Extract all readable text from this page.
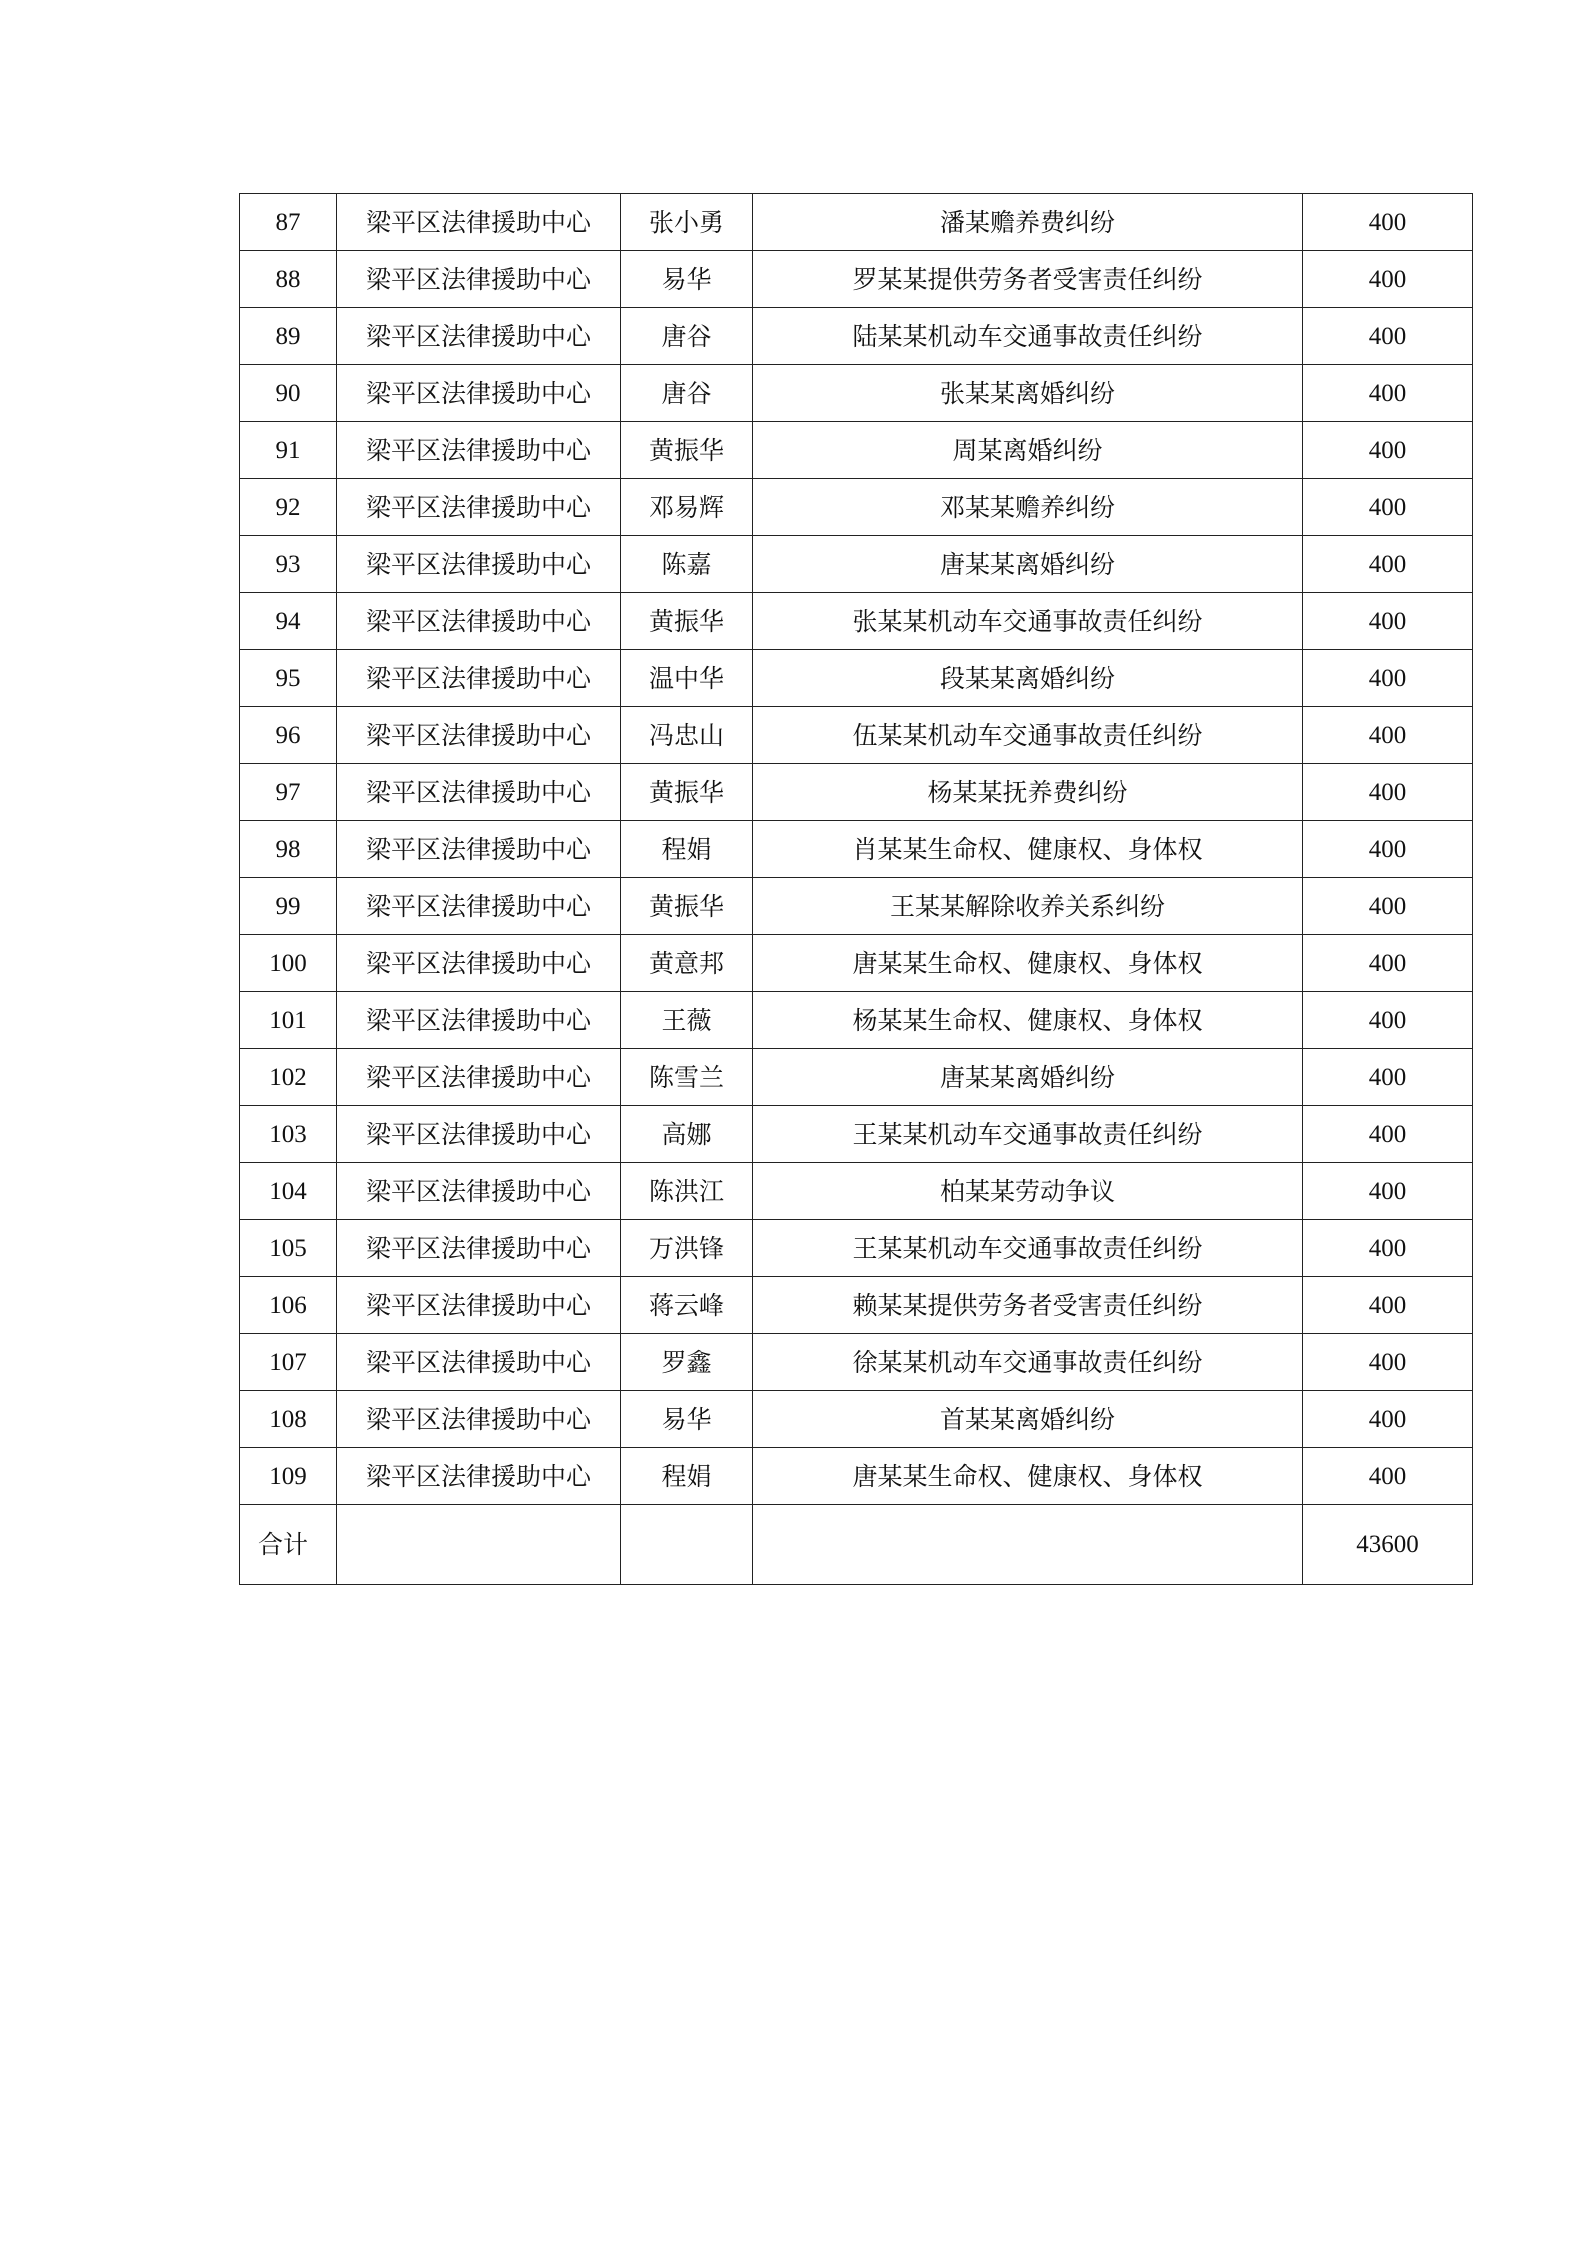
87	梁平区法律援助中心	张小勇	潘某赡养费纠纷	400
88	梁平区法律援助中心	易华	罗某某提供劳务者受害责任纠纷	400
89	梁平区法律援助中心	唐谷	陆某某机动车交通事故责任纠纷	400
90	梁平区法律援助中心	唐谷	张某某离婚纠纷	400
91	梁平区法律援助中心	黄振华	周某离婚纠纷	400
92	梁平区法律援助中心	邓易辉	邓某某赡养纠纷	400
93	梁平区法律援助中心	陈嘉	唐某某离婚纠纷	400
94	梁平区法律援助中心	黄振华	张某某机动车交通事故责任纠纷	400
95	梁平区法律援助中心	温中华	段某某离婚纠纷	400
96	梁平区法律援助中心	冯忠山	伍某某机动车交通事故责任纠纷	400
97	梁平区法律援助中心	黄振华	杨某某抚养费纠纷	400
98	梁平区法律援助中心	程娟	肖某某生命权、健康权、身体权	400
99	梁平区法律援助中心	黄振华	王某某解除收养关系纠纷	400
100	梁平区法律援助中心	黄意邦	唐某某生命权、健康权、身体权	400
101	梁平区法律援助中心	王薇	杨某某生命权、健康权、身体权	400
102	梁平区法律援助中心	陈雪兰	唐某某离婚纠纷	400
103	梁平区法律援助中心	高娜	王某某机动车交通事故责任纠纷	400
104	梁平区法律援助中心	陈洪江	柏某某劳动争议	400
105	梁平区法律援助中心	万洪锋	王某某机动车交通事故责任纠纷	400
106	梁平区法律援助中心	蒋云峰	赖某某提供劳务者受害责任纠纷	400
107	梁平区法律援助中心	罗鑫	徐某某机动车交通事故责任纠纷	400
108	梁平区法律援助中心	易华	首某某离婚纠纷	400
109	梁平区法律援助中心	程娟	唐某某生命权、健康权、身体权	400
合计				43600
